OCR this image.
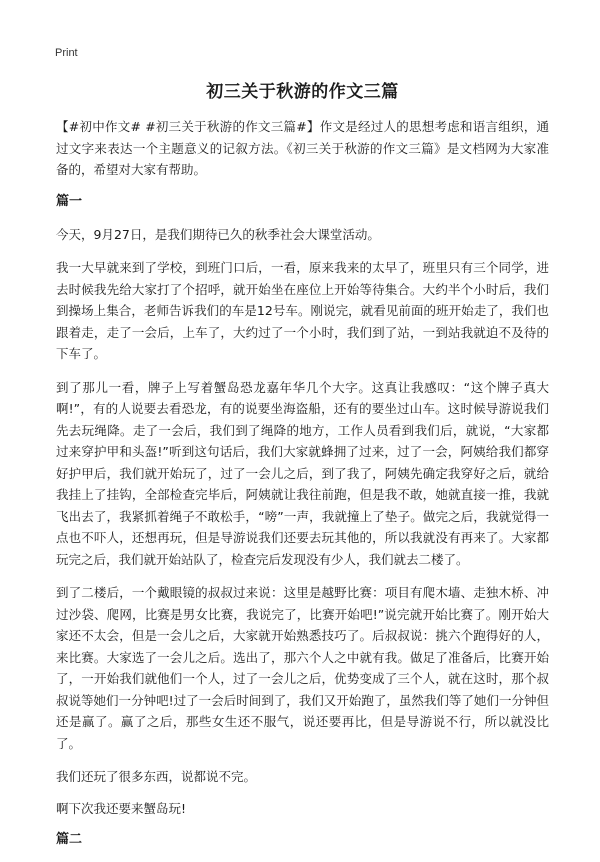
Print
初三关于秋游的作文三篇

【#初中作文# #初三关于秋游的作文三篇#】作文是经过人的思想考虑和语言组织，通过文字来表达一个主题意义的记叙方法。《初三关于秋游的作文三篇》是文档网为大家准备的，希望对大家有帮助。

篇一

今天，9月27日，是我们期待已久的秋季社会大课堂活动。

我一大早就来到了学校，到班门口后，一看，原来我来的太早了，班里只有三个同学，进去时候我先给大家打了个招呼，就开始坐在座位上开始等待集合。大约半个小时后，我们到操场上集合，老师告诉我们的车是12号车。刚说完，就看见前面的班开始走了，我们也跟着走，走了一会后，上车了，大约过了一个小时，我们到了站，一到站我就迫不及待的下车了。

到了那儿一看，牌子上写着蟹岛恐龙嘉年华几个大字。这真让我感叹：“这个牌子真大啊!”，有的人说要去看恐龙，有的说要坐海盗船，还有的要坐过山车。这时候导游说我们先去玩绳降。走了一会后，我们到了绳降的地方，工作人员看到我们后，就说，“大家都过来穿护甲和头盔!”听到这句话后，我们大家就蜂拥了过来，过了一会，阿姨给我们都穿好护甲后，我们就开始玩了，过了一会儿之后，到了我了，阿姨先确定我穿好之后，就给我挂上了挂钩，全部检查完毕后，阿姨就让我往前跑，但是我不敢，她就直接一推，我就飞出去了，我紧抓着绳子不敢松手，“嗙”一声，我就撞上了垫子。做完之后，我就觉得一点也不吓人，还想再玩，但是导游说我们还要去玩其他的，所以我就没有再来了。大家都玩完之后，我们就开始站队了，检查完后发现没有少人，我们就去二楼了。

到了二楼后，一个戴眼镜的叔叔过来说：这里是越野比赛：项目有爬木墙、走独木桥、冲过沙袋、爬网，比赛是男女比赛，我说完了，比赛开始吧!”说完就开始比赛了。刚开始大家还不太会，但是一会儿之后，大家就开始熟悉技巧了。后叔叔说：挑六个跑得好的人，来比赛。大家选了一会儿之后。选出了，那六个人之中就有我。做足了准备后，比赛开始了，一开始我们就他们一个人，过了一会儿之后，优势变成了三个人，就在这时，那个叔叔说等她们一分钟吧!过了一会后时间到了，我们又开始跑了，虽然我们等了她们一分钟但还是赢了。赢了之后，那些女生还不服气，说还要再比，但是导游说不行，所以就没比了。

我们还玩了很多东西，说都说不完。

啊下次我还要来蟹岛玩!

篇二
